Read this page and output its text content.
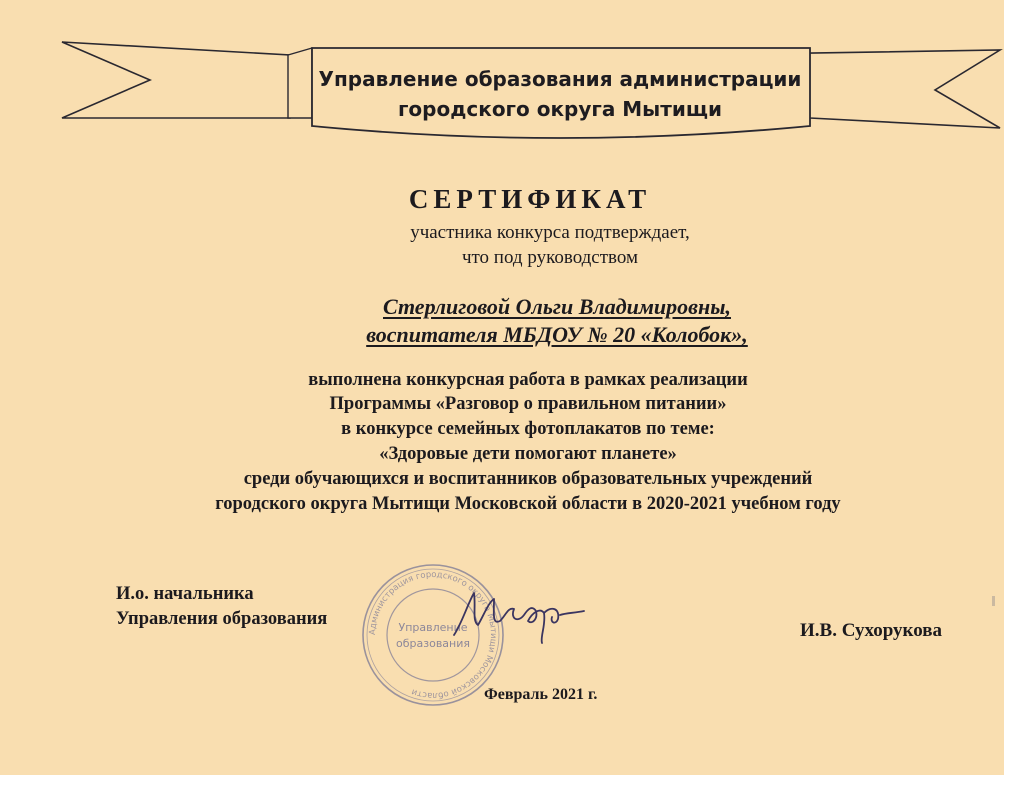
Управление образования администрации
городского округа Мытищи
СЕРТИФИКАТ
участника конкурса подтверждает,
что под руководством
Стерлиговой Ольги Владимировны,
воспитателя МБДОУ № 20 «Колобок»,
выполнена конкурсная работа в рамках реализации
Программы «Разговор о правильном питании»
в конкурсе семейных фотоплакатов по теме:
«Здоровые дети помогают планете»
среди обучающихся и воспитанников образовательных учреждений
городского округа Мытищи Московской области в 2020-2021 учебном году
И.о. начальника
Управления образования
Администрация городского округа Мытищи Московской области
Управление
образования
И.В. Сухорукова
Февраль 2021 г.
